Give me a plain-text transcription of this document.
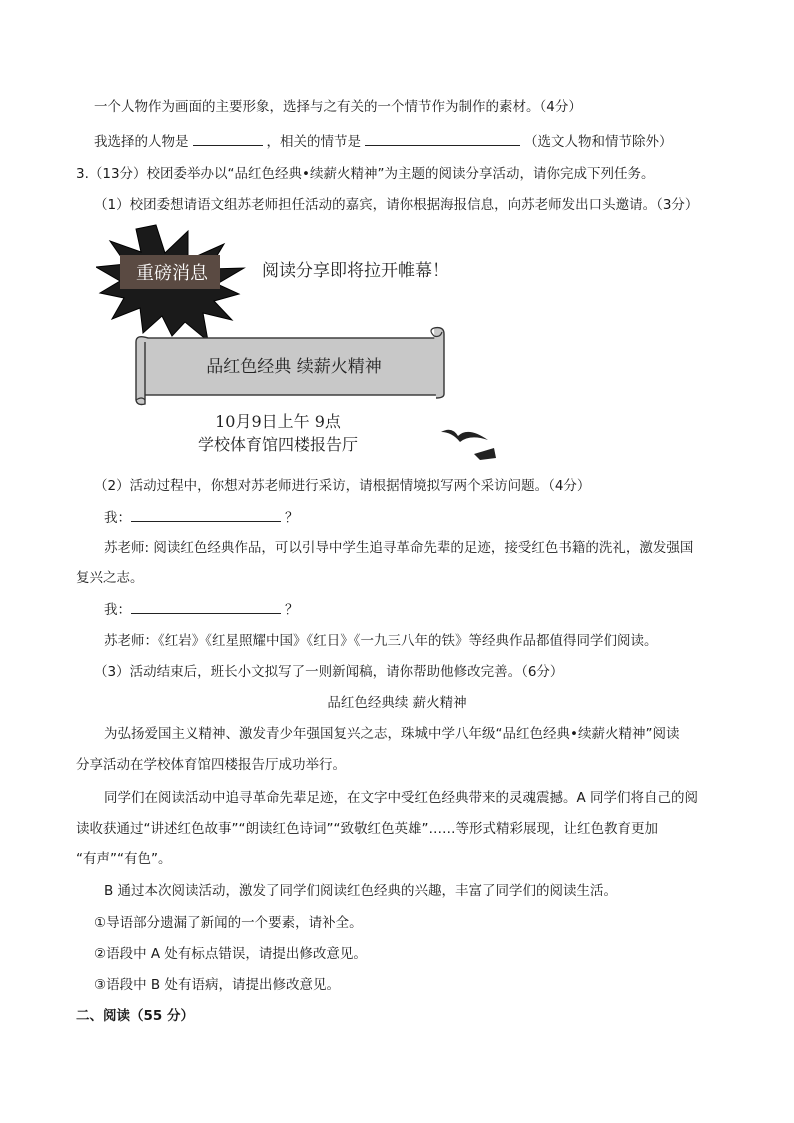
一个人物作为画面的主要形象，选择与之有关的一个情节作为制作的素材。（4分）
我选择的人物是	，相关的情节是	（选文人物和情节除外）
3.（13分）校团委举办以“品红色经典•续薪火精神”为主题的阅读分享活动，请你完成下列任务。
（1）校团委想请语文组苏老师担任活动的嘉宾，请你根据海报信息，向苏老师发出口头邀请。（3分）
重磅消息	阅读分享即将拉开帷幕！
品红色经典 续薪火精神
10月9日上午 9点
学校体育馆四楼报告厅
（2）活动过程中，你想对苏老师进行采访，请根据情境拟写两个采访问题。（4分）
我：	？
苏老师: 阅读红色经典作品，可以引导中学生追寻革命先辈的足迹，接受红色书籍的洗礼，激发强国
复兴之志。
我：	？
苏老师：《红岩》《红星照耀中国》《红日》《一九三八年的铁》等经典作品都值得同学们阅读。
（3）活动结束后，班长小文拟写了一则新闻稿，请你帮助他修改完善。（6分）
品红色经典续 薪火精神
为弘扬爱国主义精神、激发青少年强国复兴之志，珠城中学八年级“品红色经典•续薪火精神”阅读
分享活动在学校体育馆四楼报告厅成功举行。
同学们在阅读活动中追寻革命先辈足迹，在文字中受红色经典带来的灵魂震撼。A 同学们将自己的阅
读收获通过“讲述红色故事”“朗读红色诗词”“致敬红色英雄”……等形式精彩展现，让红色教育更加
“有声”“有色”。
B 通过本次阅读活动，激发了同学们阅读红色经典的兴趣，丰富了同学们的阅读生活。
①导语部分遗漏了新闻的一个要素，请补全。
②语段中 A 处有标点错误，请提出修改意见。
③语段中 B 处有语病，请提出修改意见。
二、阅读（55 分）
